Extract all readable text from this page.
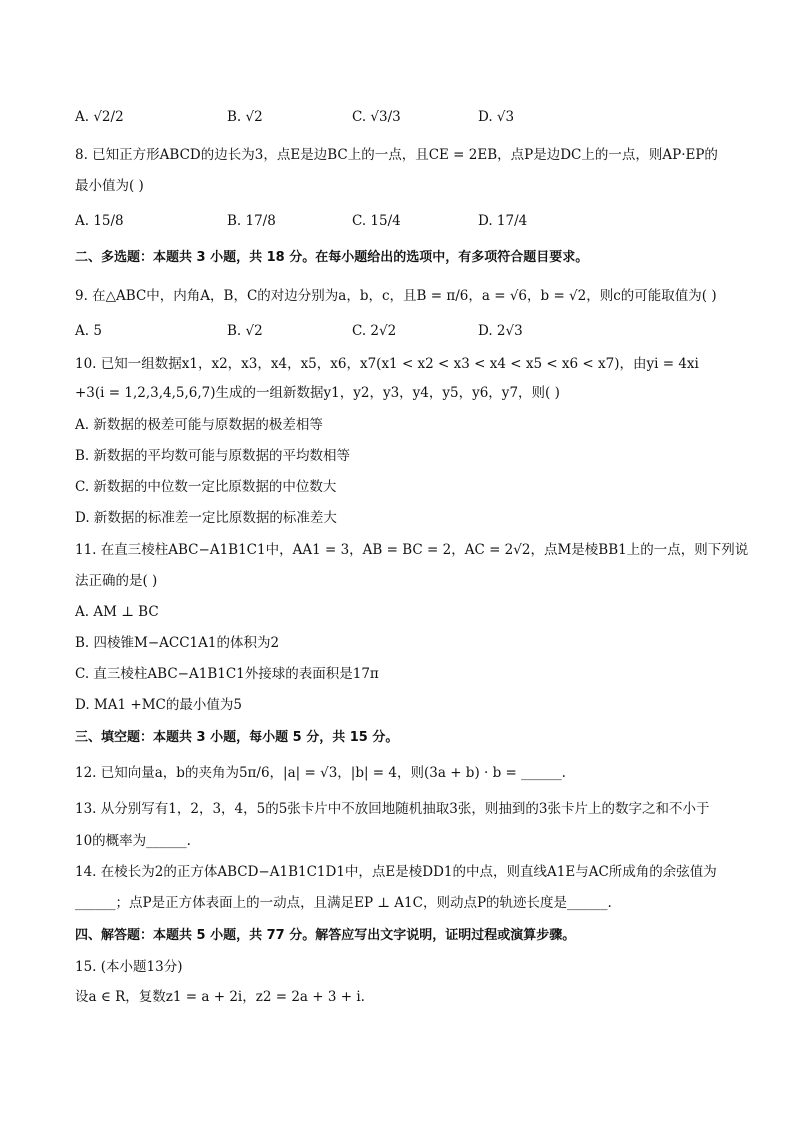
A. √2/2	B. √2	C. √3/3	D. √3
8. 已知正方形ABCD的边长为3，点E是边BC上的一点，且CE = 2EB，点P是边DC上的一点，则AP·EP的
最小值为( )
A. 15/8	B. 17/8	C. 15/4	D. 17/4
二、多选题：本题共 3 小题，共 18 分。在每小题给出的选项中，有多项符合题目要求。
9. 在△ABC中，内角A，B，C的对边分别为a，b，c，且B = π/6，a = √6，b = √2，则c的可能取值为( )
A. 5	B. √2	C. 2√2	D. 2√3
10. 已知一组数据x1，x2，x3，x4，x5，x6，x7(x1 < x2 < x3 < x4 < x5 < x6 < x7)，由yi = 4xi
+3(i = 1,2,3,4,5,6,7)生成的一组新数据y1，y2，y3，y4，y5，y6，y7，则( )
A. 新数据的极差可能与原数据的极差相等
B. 新数据的平均数可能与原数据的平均数相等
C. 新数据的中位数一定比原数据的中位数大
D. 新数据的标准差一定比原数据的标准差大
11. 在直三棱柱ABC−A1B1C1中，AA1 = 3，AB = BC = 2，AC = 2√2，点M是棱BB1上的一点，则下列说
法正确的是( )
A. AM ⊥ BC
B. 四棱锥M−ACC1A1的体积为2
C. 直三棱柱ABC−A1B1C1外接球的表面积是17π
D. MA1 +MC的最小值为5
三、填空题：本题共 3 小题，每小题 5 分，共 15 分。
12. 已知向量a，b的夹角为5π/6，|a| = √3，|b| = 4，则(3a + b) · b = ______.
13. 从分别写有1，2，3，4，5的5张卡片中不放回地随机抽取3张，则抽到的3张卡片上的数字之和不小于
10的概率为______.
14. 在棱长为2的正方体ABCD−A1B1C1D1中，点E是棱DD1的中点，则直线A1E与AC所成角的余弦值为
______；点P是正方体表面上的一动点，且满足EP ⊥ A1C，则动点P的轨迹长度是______.
四、解答题：本题共 5 小题，共 77 分。解答应写出文字说明，证明过程或演算步骤。
15. (本小题13分)
设a ∈ R，复数z1 = a + 2i，z2 = 2a + 3 + i.
